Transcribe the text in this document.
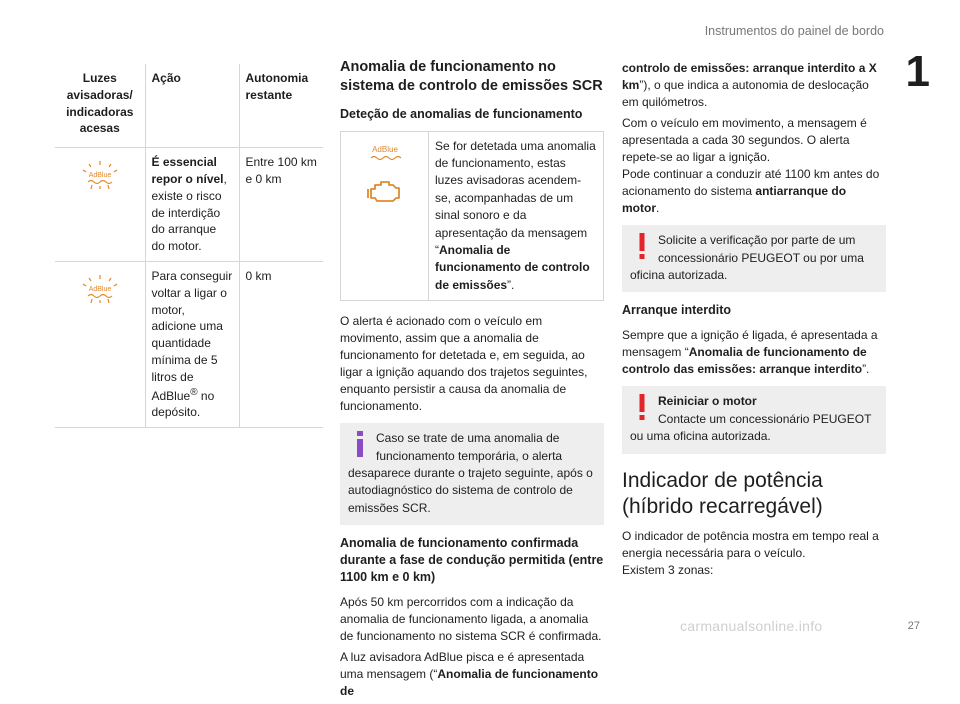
Instrumentos do painel de bordo
1
27
carmanualsonline.info
Luzes avisadoras/ indicadoras acesas	Ação	Autonomia restante

AdBlue	É essencial repor o nível, existe o risco de interdição do arranque do motor.	Entre 100 km e 0 km

AdBlue	Para conseguir voltar a ligar o motor, adicione uma quantidade mínima de 5 litros de AdBlue® no depósito.	0 km
Anomalia de funcionamento no sistema de controlo de emissões SCR
Deteção de anomalias de funcionamento
AdBlue	Se for detetada uma anomalia de funcionamento, estas luzes avisadoras acendem-se, acompanhadas de um sinal sonoro e da apresentação da mensagem “Anomalia de funcionamento de controlo de emissões”.

O alerta é acionado com o veículo em movimento, assim que a anomalia de funcionamento for detetada e, em seguida, ao ligar a ignição aquando dos trajetos seguintes, enquanto persistir a causa da anomalia de funcionamento.

Caso se trate de uma anomalia de funcionamento temporária, o alerta desaparece durante o trajeto seguinte, após o autodiagnóstico do sistema de controlo de emissões SCR.
Anomalia de funcionamento confirmada durante a fase de condução permitida (entre 1100 km e 0 km)

Após 50 km percorridos com a indicação da anomalia de funcionamento ligada, a anomalia de funcionamento no sistema SCR é confirmada.

A luz avisadora AdBlue pisca e é apresentada uma mensagem (“Anomalia de funcionamento de

controlo de emissões: arranque interdito a X km”), o que indica a autonomia de deslocação em quilómetros.

Com o veículo em movimento, a mensagem é apresentada a cada 30 segundos. O alerta repete-se ao ligar a ignição.

Pode continuar a conduzir até 1100 km antes do acionamento do sistema antiarranque do motor.

Solicite a verificação por parte de um concessionário PEUGEOT ou por uma oficina autorizada.
Arranque interdito

Sempre que a ignição é ligada, é apresentada a mensagem “Anomalia de funcionamento de controlo das emissões: arranque interdito”.

Reiniciar o motor
Contacte um concessionário PEUGEOT ou uma oficina autorizada.
Indicador de potência (híbrido recarregável)

O indicador de potência mostra em tempo real a energia necessária para o veículo.

Existem 3 zonas:
